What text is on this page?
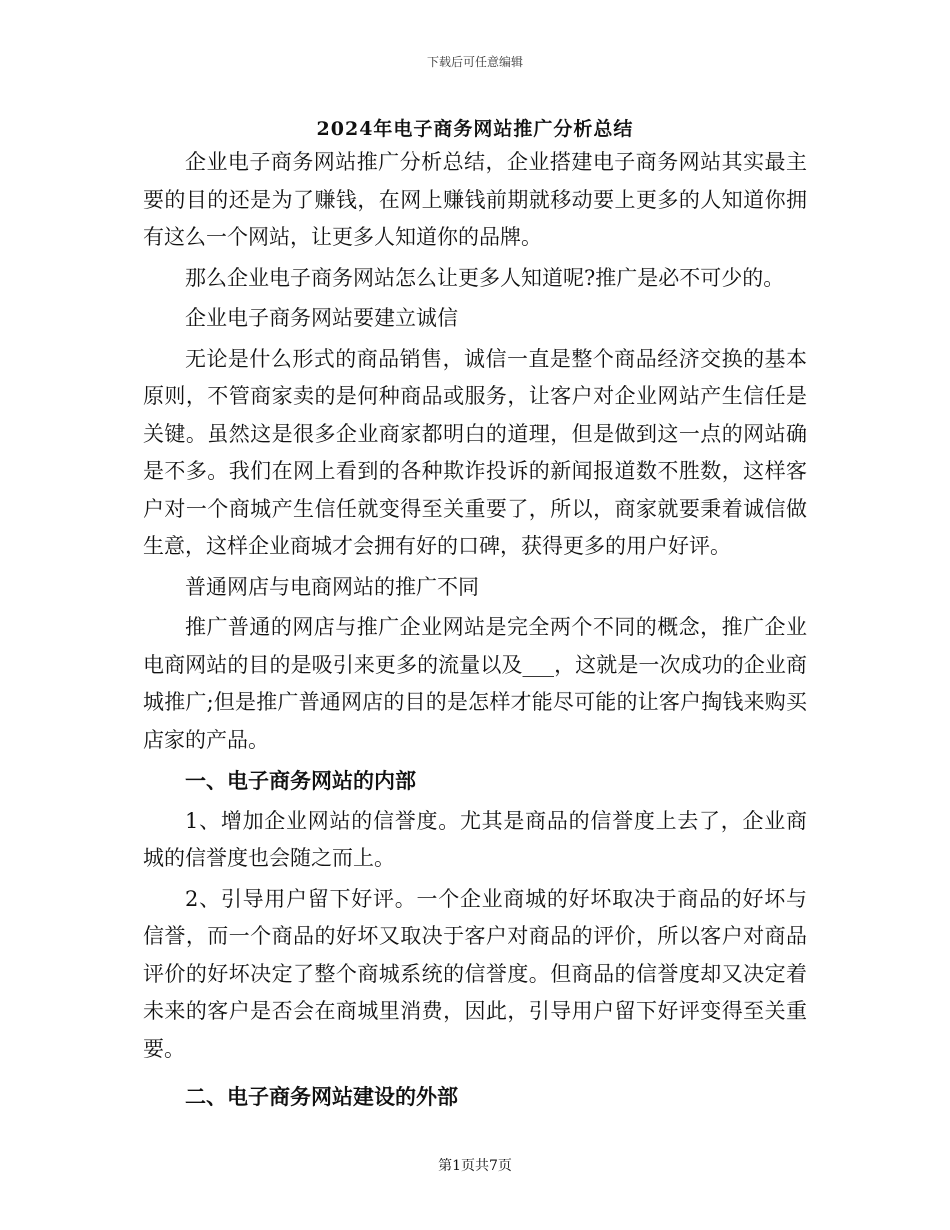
下载后可任意编辑
2024年电子商务网站推广分析总结

企业电子商务网站推广分析总结，企业搭建电子商务网站其实最主要的目的还是为了赚钱，在网上赚钱前期就移动要上更多的人知道你拥有这么一个网站，让更多人知道你的品牌。

那么企业电子商务网站怎么让更多人知道呢?推广是必不可少的。

企业电子商务网站要建立诚信

无论是什么形式的商品销售，诚信一直是整个商品经济交换的基本原则，不管商家卖的是何种商品或服务，让客户对企业网站产生信任是关键。虽然这是很多企业商家都明白的道理，但是做到这一点的网站确是不多。我们在网上看到的各种欺诈投诉的新闻报道数不胜数，这样客户对一个商城产生信任就变得至关重要了，所以，商家就要秉着诚信做生意，这样企业商城才会拥有好的口碑，获得更多的用户好评。

普通网店与电商网站的推广不同

推广普通的网店与推广企业网站是完全两个不同的概念，推广企业电商网站的目的是吸引来更多的流量以及___，这就是一次成功的企业商城推广;但是推广普通网店的目的是怎样才能尽可能的让客户掏钱来购买店家的产品。

一、电子商务网站的内部

1、增加企业网站的信誉度。尤其是商品的信誉度上去了，企业商城的信誉度也会随之而上。

2、引导用户留下好评。一个企业商城的好坏取决于商品的好坏与信誉，而一个商品的好坏又取决于客户对商品的评价，所以客户对商品评价的好坏决定了整个商城系统的信誉度。但商品的信誉度却又决定着未来的客户是否会在商城里消费，因此，引导用户留下好评变得至关重要。

二、电子商务网站建设的外部

第1页共7页
